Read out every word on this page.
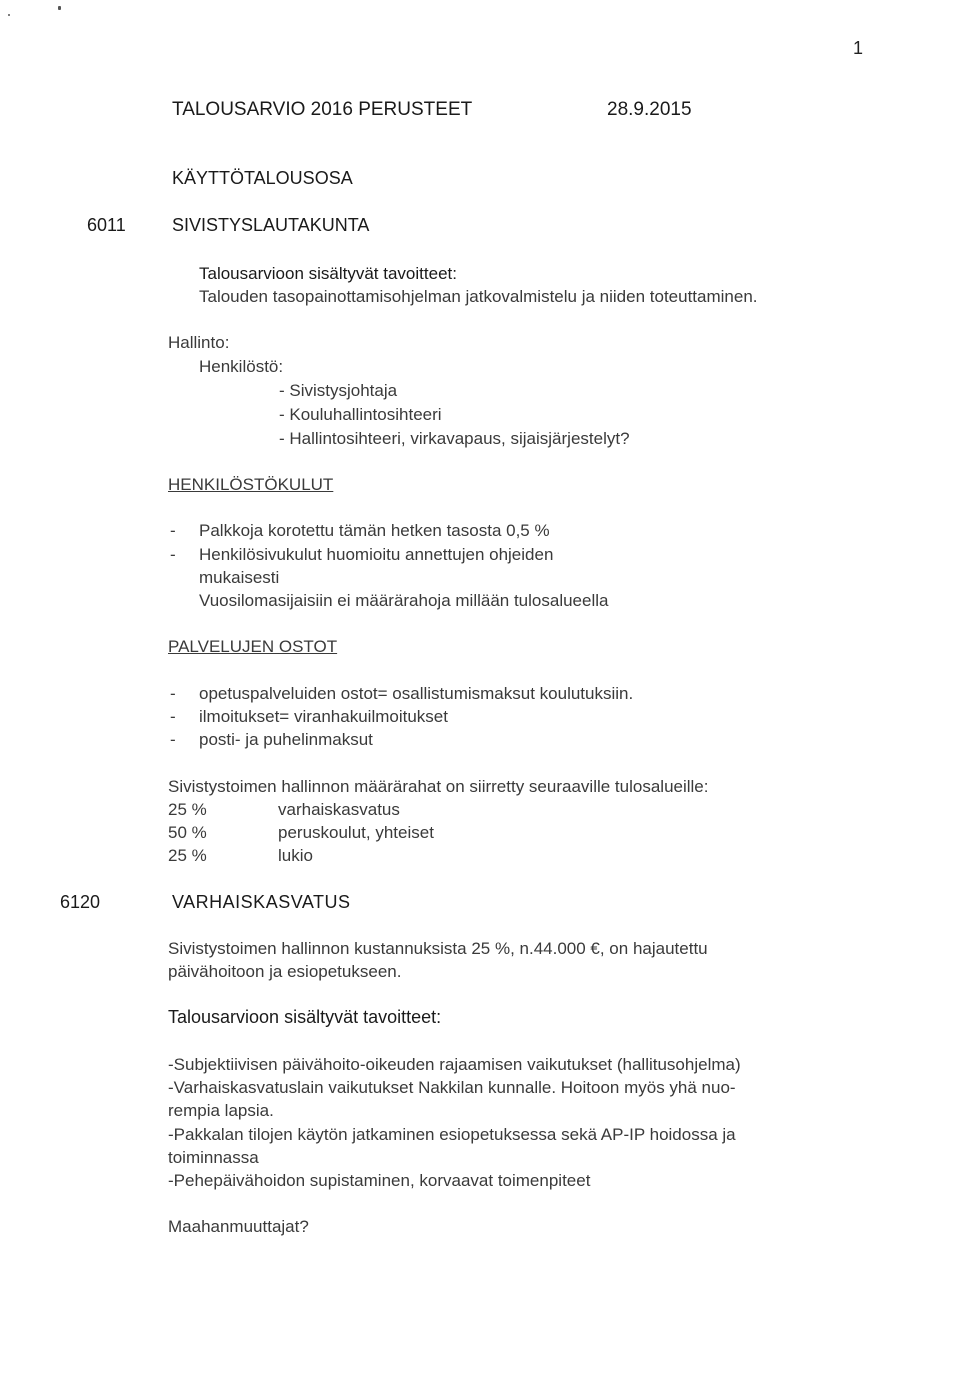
1
TALOUSARVIO 2016 PERUSTEET	28.9.2015
KÄYTTÖTALOUSOSA
6011	SIVISTYSLAUTAKUNTA
Talousarvioon sisältyvät tavoitteet:
Talouden tasopainottamisohjelman jatkovalmistelu ja niiden toteuttaminen.
Hallinto:
Henkilöstö:
- Sivistysjohtaja
- Kouluhallintosihteeri
- Hallintosihteeri, virkavapaus, sijaisjärjestelyt?
HENKILÖSTÖKULUT
- Palkkoja korotettu tämän hetken tasosta 0,5 %
- Henkilösivukulut huomioitu annettujen ohjeiden
mukaisesti
Vuosilomasijaisiin ei määrärahoja millään tulosalueella
PALVELUJEN OSTOT
- opetuspalveluiden ostot= osallistumismaksut koulutuksiin.
- ilmoitukset= viranhakuilmoitukset
- posti- ja puhelinmaksut
Sivistystoimen hallinnon määrärahat on siirretty seuraaville tulosalueille:
25 %	varhaiskasvatus
50 %	peruskoulut, yhteiset
25 %	lukio
6120	VARHAISKASVATUS
Sivistystoimen hallinnon kustannuksista 25 %, n.44.000 €, on hajautettu
päivähoitoon ja esiopetukseen.
Talousarvioon sisältyvät tavoitteet:
-Subjektiivisen päivähoito-oikeuden rajaamisen vaikutukset (hallitusohjelma)
-Varhaiskasvatuslain vaikutukset Nakkilan kunnalle. Hoitoon myös yhä nuo-
rempia lapsia.
-Pakkalan tilojen käytön jatkaminen esiopetuksessa sekä AP-IP hoidossa ja
toiminnassa
-Pehepäivähoidon supistaminen, korvaavat toimenpiteet
Maahanmuuttajat?
